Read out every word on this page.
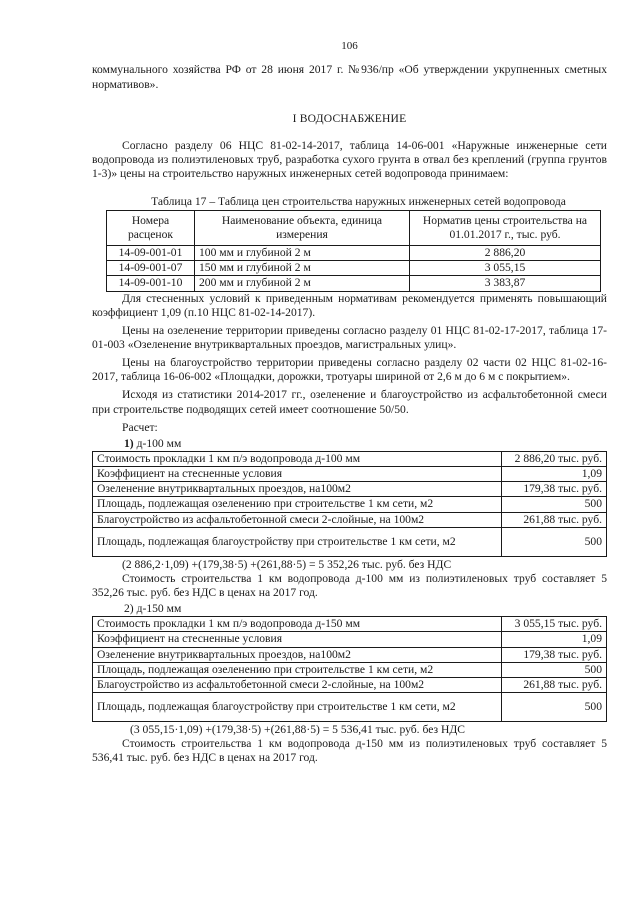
106
коммунального хозяйства РФ от 28 июня 2017 г. №936/пр «Об утверждении укрупненных сметных нормативов».
I ВОДОСНАБЖЕНИЕ
Согласно разделу 06 НЦС 81-02-14-2017, таблица 14-06-001 «Наружные инженерные сети водопровода из полиэтиленовых труб, разработка сухого грунта в отвал без креплений (группа грунтов 1-3)» цены на строительство наружных инженерных сетей водопровода принимаем:
Таблица 17 – Таблица цен строительства наружных инженерных сетей водопровода
Номера расценок	Наименование объекта, единица измерения	Норматив цены строительства на 01.01.2017 г., тыс. руб.
14-09-001-01	100 мм и глубиной 2 м	2 886,20
14-09-001-07	150 мм и глубиной 2 м	3 055,15
14-09-001-10	200 мм и глубиной 2 м	3 383,87
Для стесненных условий к приведенным нормативам рекомендуется применять повышающий коэффициент 1,09 (п.10 НЦС 81-02-14-2017).
Цены на озеленение территории приведены согласно разделу 01 НЦС 81-02-17-2017, таблица 17-01-003 «Озеленение внутриквартальных проездов, магистральных улиц».
Цены на благоустройство территории приведены согласно разделу 02 части 02 НЦС 81-02-16-2017, таблица 16-06-002 «Площадки, дорожки, тротуары шириной от 2,6 м до 6 м с покрытием».
Исходя из статистики 2014-2017 гг., озеленение и благоустройство из асфальтобетонной смеси при строительстве подводящих сетей имеет соотношение 50/50.
Расчет:
1) д-100 мм
Стоимость прокладки 1 км п/э водопровода д-100 мм	2 886,20 тыс. руб.
Коэффициент на стесненные условия	1,09
Озеленение внутриквартальных проездов, на100м2	179,38 тыс. руб.
Площадь, подлежащая озеленению при строительстве 1 км сети, м2	500
Благоустройство из асфальтобетонной смеси 2-слойные, на 100м2	261,88 тыс. руб.
Площадь, подлежащая благоустройству при строительстве 1 км сети, м2	500
(2 886,2·1,09) +(179,38·5) +(261,88·5) = 5 352,26 тыс. руб. без НДС
Стоимость строительства 1 км водопровода д-100 мм из полиэтиленовых труб составляет 5 352,26 тыс. руб. без НДС в ценах на 2017 год.
2) д-150 мм
Стоимость прокладки 1 км п/э водопровода д-150 мм	3 055,15 тыс. руб.
Коэффициент на стесненные условия	1,09
Озеленение внутриквартальных проездов, на100м2	179,38 тыс. руб.
Площадь, подлежащая озеленению при строительстве 1 км сети, м2	500
Благоустройство из асфальтобетонной смеси 2-слойные, на 100м2	261,88 тыс. руб.
Площадь, подлежащая благоустройству при строительстве 1 км сети, м2	500
(3 055,15·1,09) +(179,38·5) +(261,88·5) = 5 536,41 тыс. руб. без НДС
Стоимость строительства 1 км водопровода д-150 мм из полиэтиленовых труб составляет 5 536,41 тыс. руб. без НДС в ценах на 2017 год.
